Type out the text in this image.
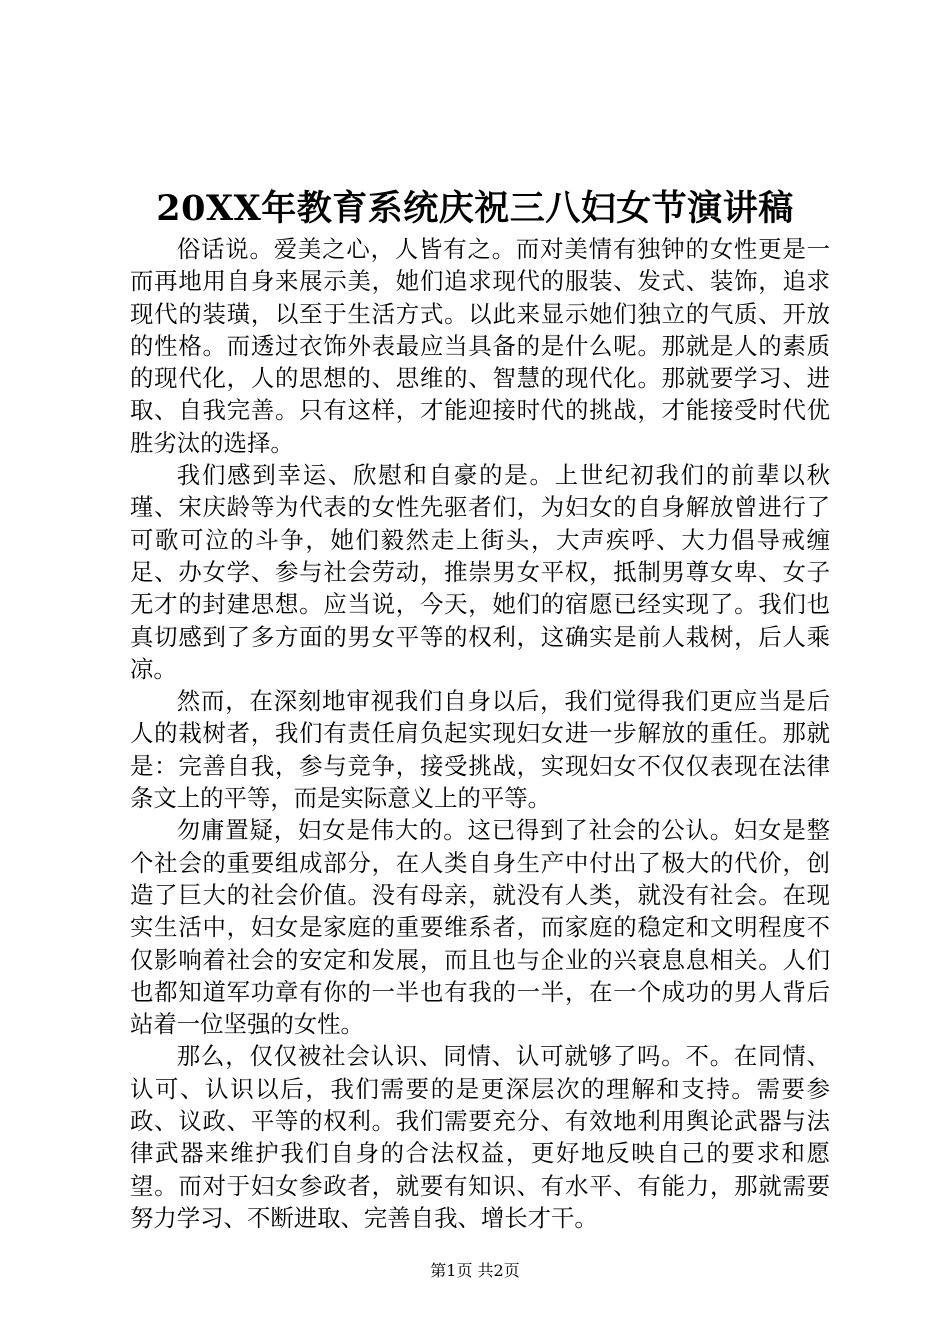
20XX年教育系统庆祝三八妇女节演讲稿

俗话说。爱美之心，人皆有之。而对美情有独钟的女性更是一而再地用自身来展示美，她们追求现代的服装、发式、装饰，追求现代的装璜，以至于生活方式。以此来显示她们独立的气质、开放的性格。而透过衣饰外表最应当具备的是什么呢。那就是人的素质的现代化，人的思想的、思维的、智慧的现代化。那就要学习、进取、自我完善。只有这样，才能迎接时代的挑战，才能接受时代优胜劣汰的选择。

我们感到幸运、欣慰和自豪的是。上世纪初我们的前辈以秋瑾、宋庆龄等为代表的女性先驱者们，为妇女的自身解放曾进行了可歌可泣的斗争，她们毅然走上街头，大声疾呼、大力倡导戒缠足、办女学、参与社会劳动，推崇男女平权，抵制男尊女卑、女子无才的封建思想。应当说，今天，她们的宿愿已经实现了。我们也真切感到了多方面的男女平等的权利，这确实是前人栽树，后人乘凉。

然而，在深刻地审视我们自身以后，我们觉得我们更应当是后人的栽树者，我们有责任肩负起实现妇女进一步解放的重任。那就是：完善自我，参与竞争，接受挑战，实现妇女不仅仅表现在法律条文上的平等，而是实际意义上的平等。

勿庸置疑，妇女是伟大的。这已得到了社会的公认。妇女是整个社会的重要组成部分，在人类自身生产中付出了极大的代价，创造了巨大的社会价值。没有母亲，就没有人类，就没有社会。在现实生活中，妇女是家庭的重要维系者，而家庭的稳定和文明程度不仅影响着社会的安定和发展，而且也与企业的兴衰息息相关。人们也都知道军功章有你的一半也有我的一半，在一个成功的男人背后站着一位坚强的女性。

那么，仅仅被社会认识、同情、认可就够了吗。不。在同情、认可、认识以后，我们需要的是更深层次的理解和支持。需要参政、议政、平等的权利。我们需要充分、有效地利用舆论武器与法律武器来维护我们自身的合法权益，更好地反映自己的要求和愿望。而对于妇女参政者，就要有知识、有水平、有能力，那就需要努力学习、不断进取、完善自我、增长才干。

第1页 共2页
